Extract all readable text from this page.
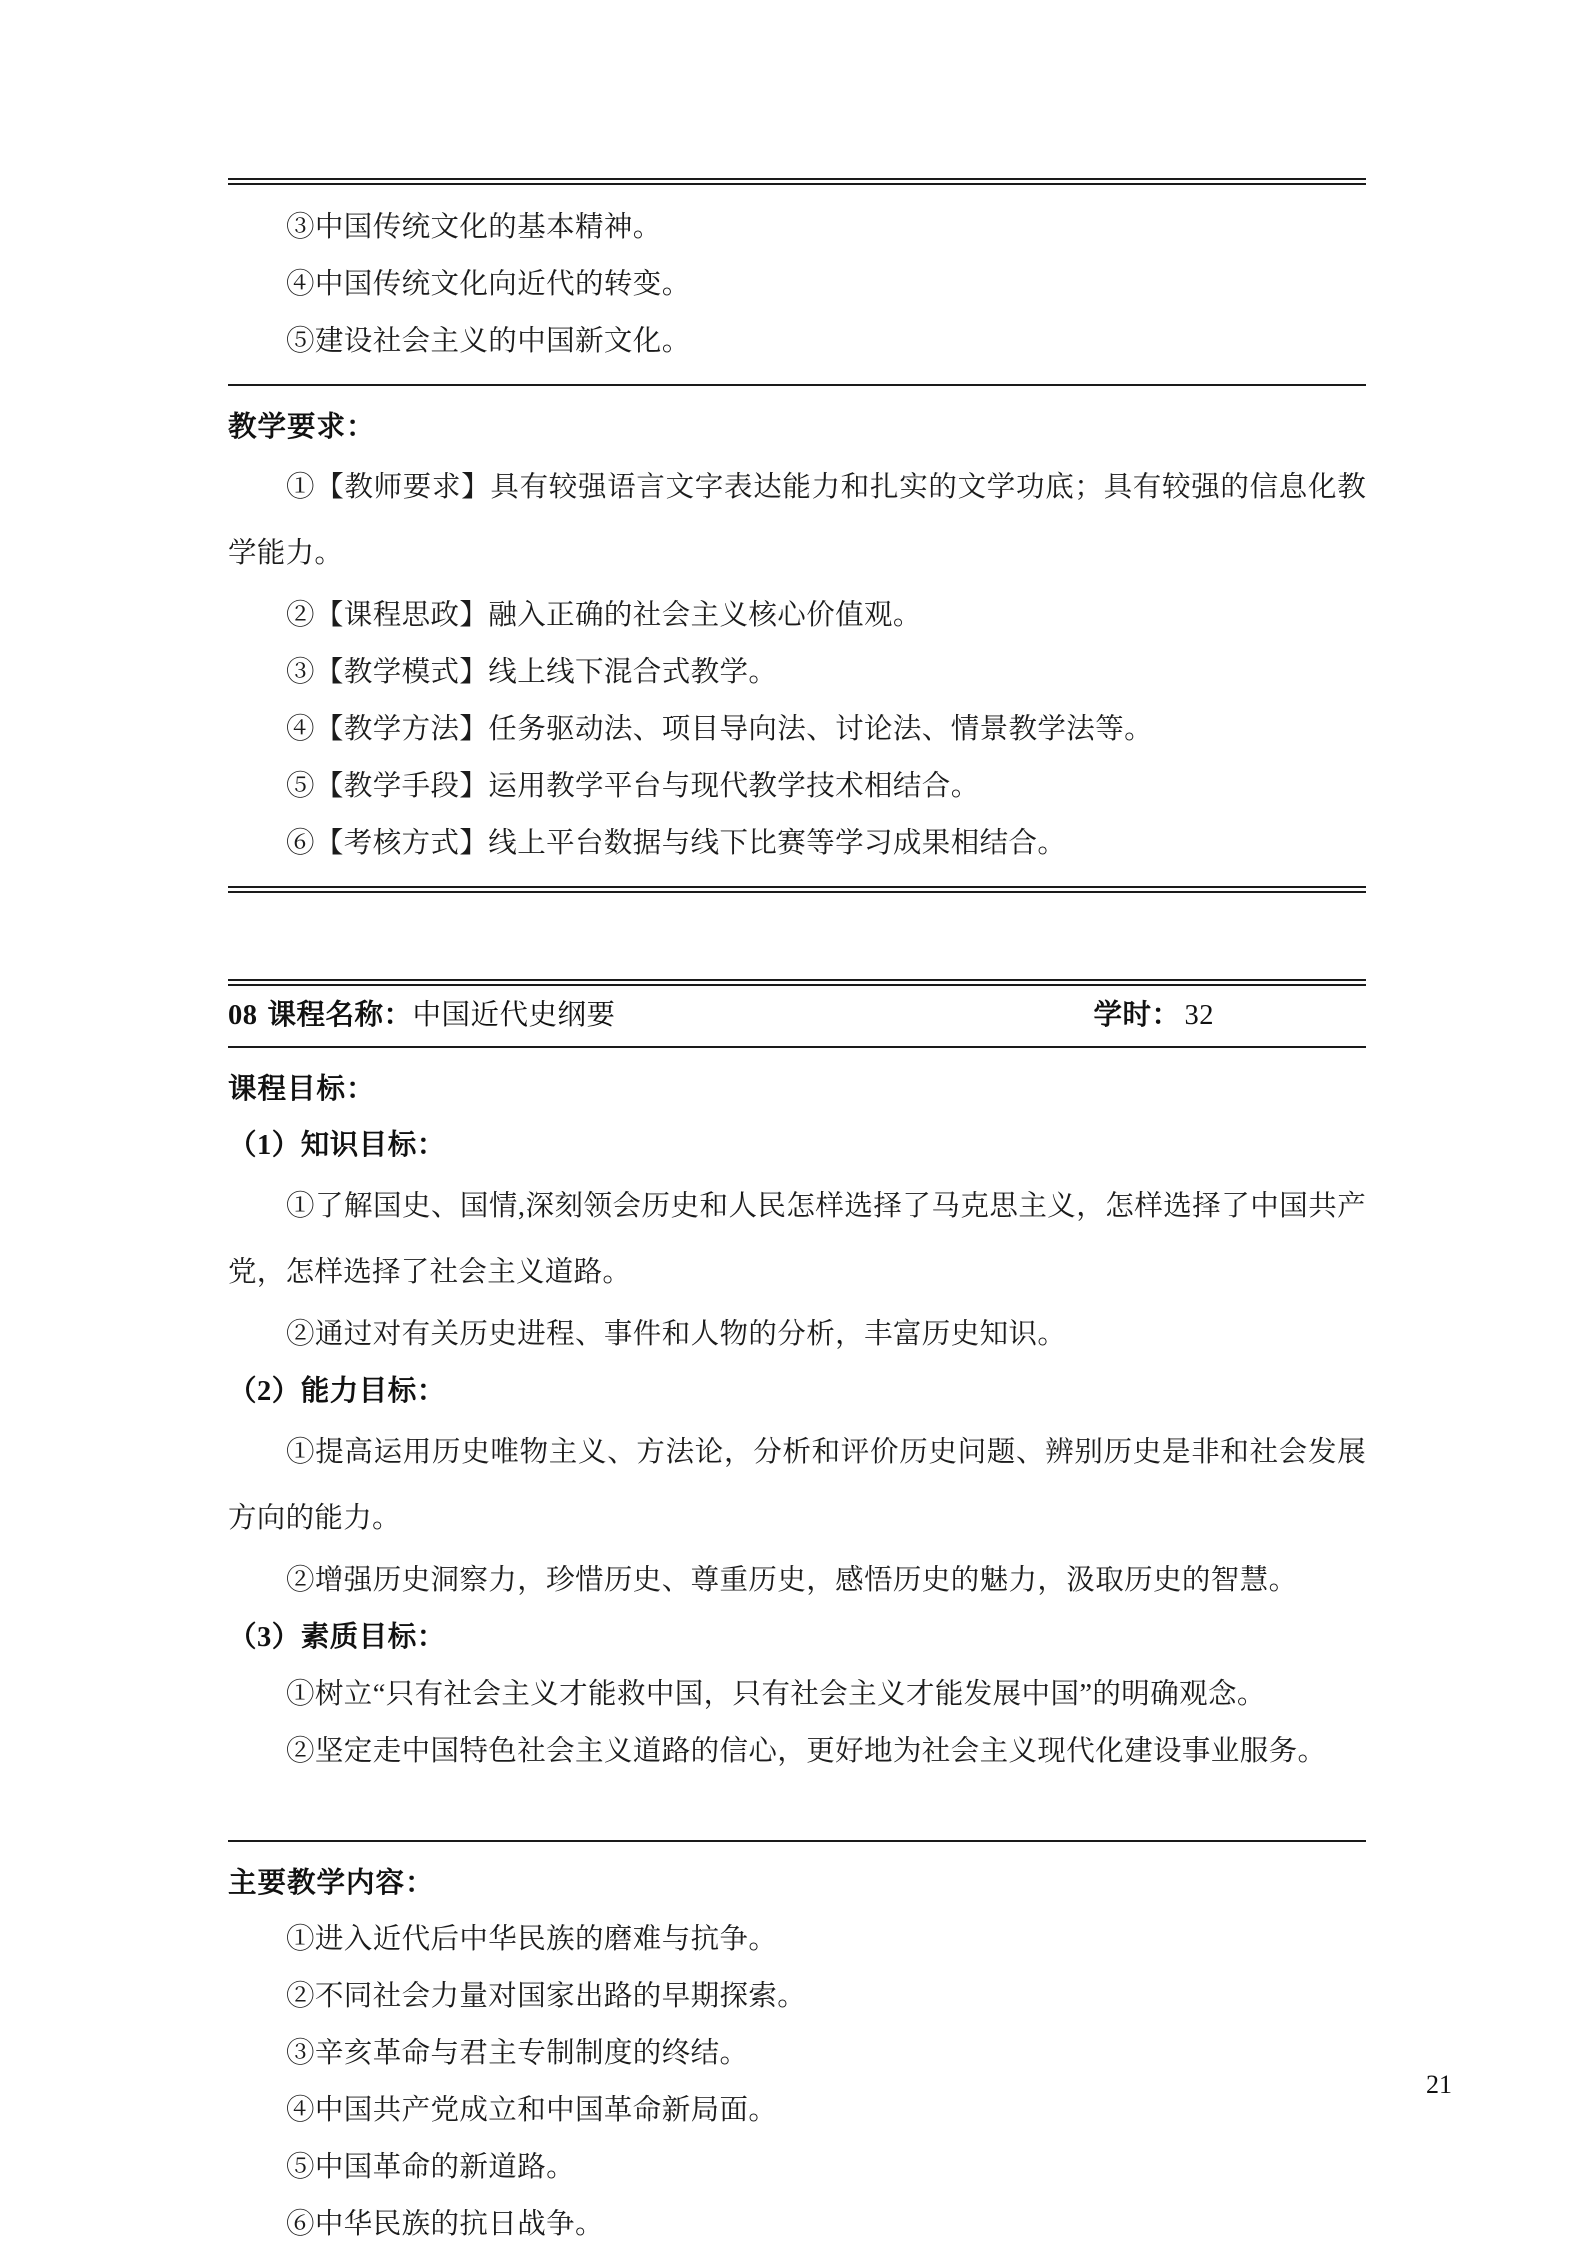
③中国传统文化的基本精神。
④中国传统文化向近代的转变。
⑤建设社会主义的中国新文化。
教学要求：
①【教师要求】具有较强语言文字表达能力和扎实的文学功底；具有较强的信息化教学能力。
②【课程思政】融入正确的社会主义核心价值观。
③【教学模式】线上线下混合式教学。
④【教学方法】任务驱动法、项目导向法、讨论法、情景教学法等。
⑤【教学手段】运用教学平台与现代教学技术相结合。
⑥【考核方式】线上平台数据与线下比赛等学习成果相结合。
08 课程名称： 中国近代史纲要	学时： 32
课程目标：
（1）知识目标：
①了解国史、国情,深刻领会历史和人民怎样选择了马克思主义，怎样选择了中国共产党，怎样选择了社会主义道路。
②通过对有关历史进程、事件和人物的分析，丰富历史知识。
（2）能力目标：
①提高运用历史唯物主义、方法论，分析和评价历史问题、辨别历史是非和社会发展方向的能力。
②增强历史洞察力，珍惜历史、尊重历史，感悟历史的魅力，汲取历史的智慧。
（3）素质目标：
①树立“只有社会主义才能救中国，只有社会主义才能发展中国”的明确观念。
②坚定走中国特色社会主义道路的信心，更好地为社会主义现代化建设事业服务。
主要教学内容：
①进入近代后中华民族的磨难与抗争。
②不同社会力量对国家出路的早期探索。
③辛亥革命与君主专制制度的终结。
④中国共产党成立和中国革命新局面。
⑤中国革命的新道路。
⑥中华民族的抗日战争。
21
